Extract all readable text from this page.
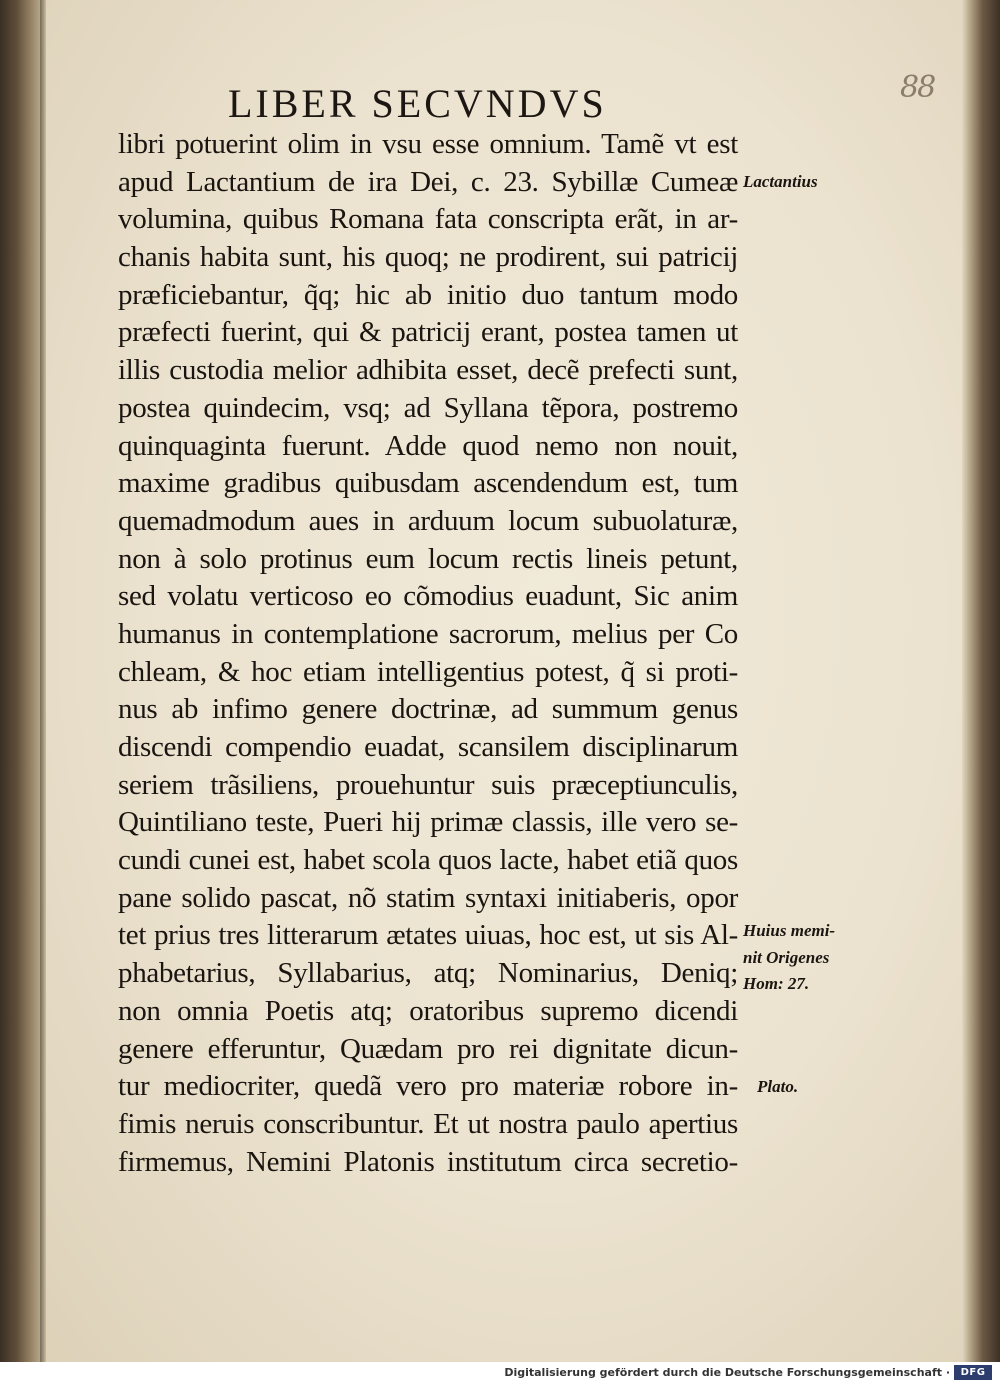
88
LIBER SECVNDVS
libri potuerint olim in vsu esse omnium. Tamẽ vt est
apud Lactantium de ira Dei, c. 23. Sybillæ Cumeæ
volumina, quibus Romana fata conscripta erãt, in ar-
chanis habita sunt, his quoq; ne prodirent, sui patricij
præficiebantur, q̃q; hic ab initio duo tantum modo
præfecti fuerint, qui & patricij erant, postea tamen ut
illis custodia melior adhibita esset, decẽ prefecti sunt,
postea quindecim, vsq; ad Syllana tẽpora, postremo
quinquaginta fuerunt. Adde quod nemo non nouit,
maxime gradibus quibusdam ascendendum est, tum
quemadmodum aues in arduum locum subuolaturæ,
non à solo protinus eum locum rectis lineis petunt,
sed volatu verticoso eo cõmodius euadunt, Sic anim
humanus in contemplatione sacrorum, melius per Co
chleam, & hoc etiam intelligentius potest, q̃ si proti-
nus ab infimo genere doctrinæ, ad summum genus
discendi compendio euadat, scansilem disciplinarum
seriem trãsiliens, prouehuntur suis præceptiunculis,
Quintiliano teste, Pueri hij primæ classis, ille vero se-
cundi cunei est, habet scola quos lacte, habet etiã quos
pane solido pascat, nõ statim syntaxi initiaberis, opor
tet prius tres litterarum ætates uiuas, hoc est, ut sis Al-
phabetarius, Syllabarius, atq; Nominarius, Deniq;
non omnia Poetis atq; oratoribus supremo dicendi
genere efferuntur, Quædam pro rei dignitate dicun-
tur mediocriter, quedã vero pro materiæ robore in-
fimis neruis conscribuntur. Et ut nostra paulo apertius
firmemus, Nemini Platonis institutum circa secretio-
Lactantius
Huius memi-
nit Origenes
Hom: 27.
Plato.
Digitalisierung gefördert durch die Deutsche Forschungsgemeinschaft ·	DFG
